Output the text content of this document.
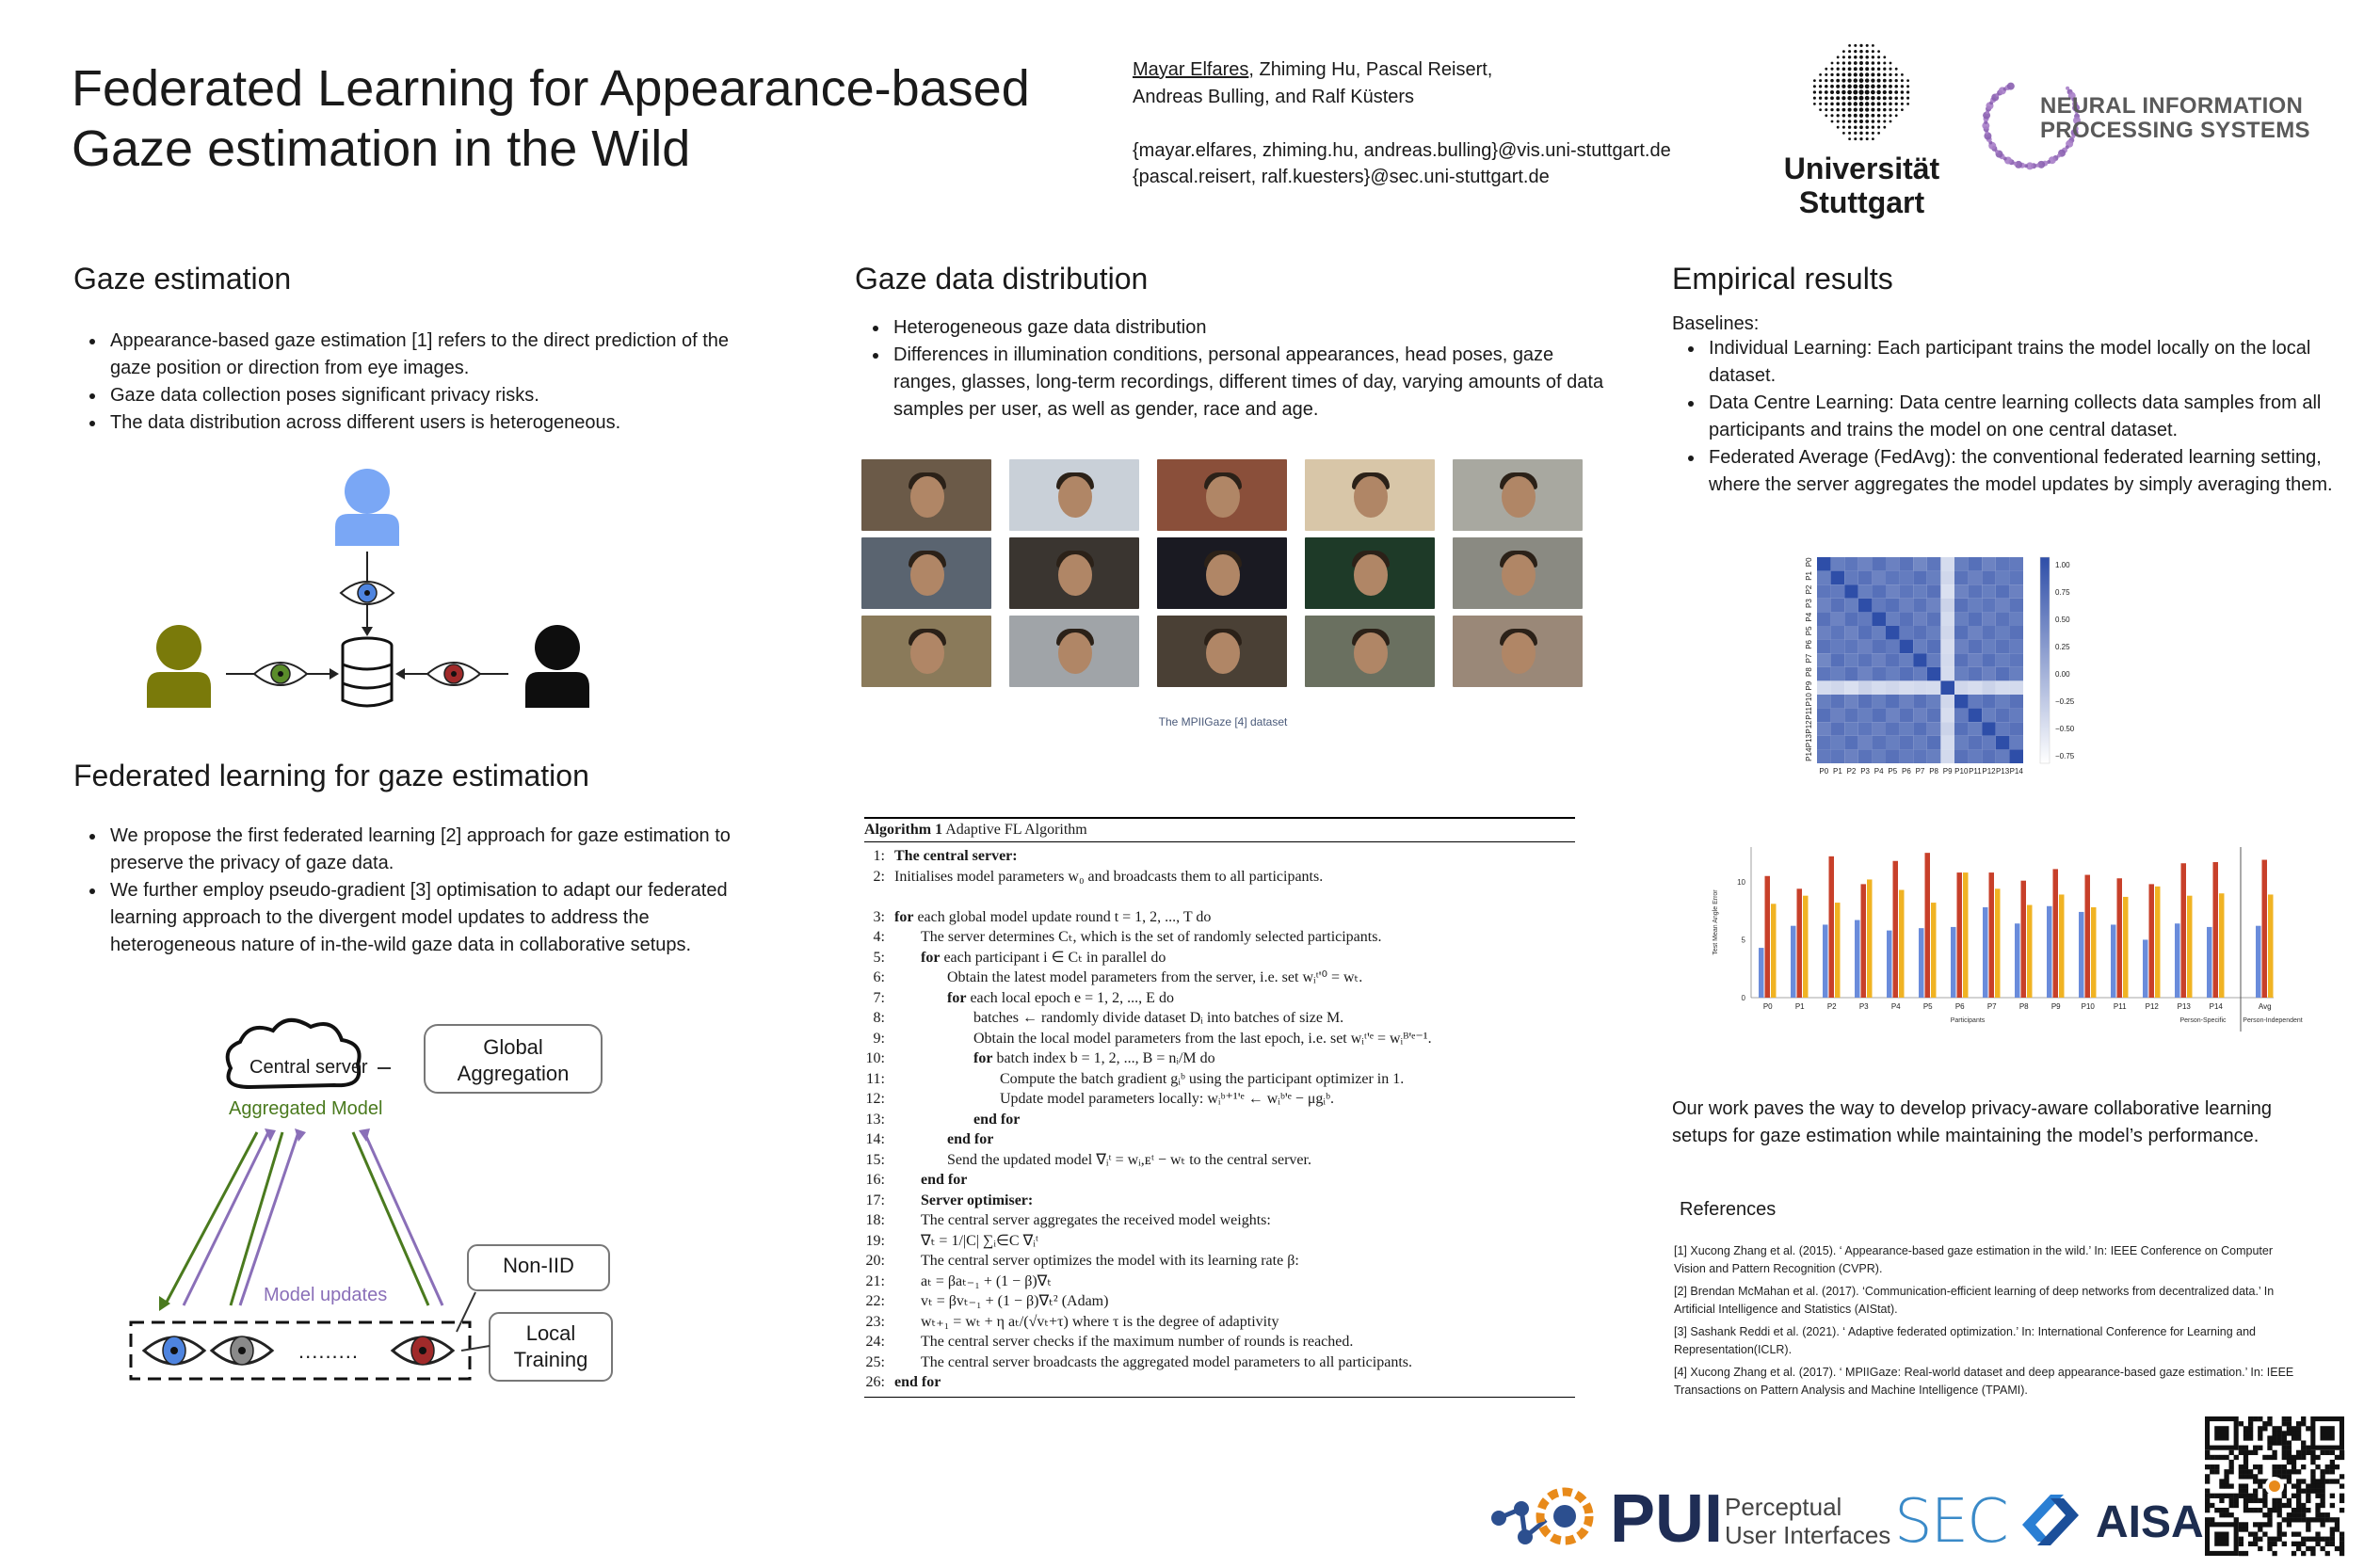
Federated Learning for Appearance-based
Gaze estimation in the Wild
Mayar Elfares, Zhiming Hu, Pascal Reisert,
Andreas Bulling, and Ralf Küsters
{mayar.elfares, zhiming.hu, andreas.bulling}@vis.uni-stuttgart.de
{pascal.reisert, ralf.kuesters}@sec.uni-stuttgart.de	Universität
Stuttgart
NEURAL INFORMATION
PROCESSING SYSTEMS
Gaze estimation
• Appearance-based gaze estimation [1] refers to the direct prediction of the gaze position or direction from eye images.
• Gaze data collection poses significant privacy risks.
• The data distribution across different users is heterogeneous.
Federated learning for gaze estimation
• We propose the first federated learning [2] approach for gaze estimation to preserve the privacy of gaze data.
• We further employ pseudo-gradient [3] optimisation to adapt our federated learning approach to the divergent model updates to address the heterogeneous nature of in-the-wild gaze data in collaborative setups.
Central server
Global
Aggregation
Aggregated Model
Model updates
Non-IID
Local
Training
.........
Gaze data distribution
• Heterogeneous gaze data distribution
• Differences in illumination conditions, personal appearances, head poses, gaze ranges, glasses, long-term recordings, different times of day, varying amounts of data samples per user, as well as gender, race and age.
The MPIIGaze [4] dataset
Algorithm 1 Adaptive FL Algorithm
1: The central server:
2: Initialises model parameters w₀ and broadcasts them to all participants.
3: for each global model update round t = 1, 2, ..., T do
4:	The server determines Cₜ, which is the set of randomly selected participants.
5:	for each participant i ∈ Cₜ in parallel do
6:	Obtain the latest model parameters from the server, i.e. set wᵢᵗ'⁰ = wₜ.
7:	for each local epoch e = 1, 2, ..., E do
8:	batches ← randomly divide dataset Dᵢ into batches of size M.
9:	Obtain the local model parameters from the last epoch, i.e. set wᵢᵗ'ᵉ = wᵢᴮ'ᵉ⁻¹.
10:	for batch index b = 1, 2, ..., B = nᵢ/M do
11:	Compute the batch gradient gᵢᵇ using the participant optimizer in 1.
12:	Update model parameters locally: wᵢᵇ⁺¹'ᵉ ← wᵢᵇ'ᵉ − μgᵢᵇ.
13:	end for
14:	end for
15:	Send the updated model ∇ᵢᵗ = wᵢ,ᴇᵗ − wₜ to the central server.
16:	end for
17:	Server optimiser:
18:	The central server aggregates the received model weights:
19:	∇ₜ = 1/|C| ∑ᵢ∈C ∇ᵢᵗ
20:	The central server optimizes the model with its learning rate β:
21:	aₜ = βaₜ₋₁ + (1 − β)∇ₜ
22:	vₜ = βvₜ₋₁ + (1 − β)∇ₜ² (Adam)
23:	wₜ₊₁ = wₜ + η aₜ/(√vₜ+τ) where τ is the degree of adaptivity
24:	The central server checks if the maximum number of rounds is reached.
25:	The central server broadcasts the aggregated model parameters to all participants.
26: end for
Empirical results
Baselines:
• Individual Learning: Each participant trains the model locally on the local dataset.
• Data Centre Learning: Data centre learning collects data samples from all participants and trains the model on one central dataset.
• Federated Average (FedAvg): the conventional federated learning setting, where the server aggregates the model updates by simply averaging them.
P0
P0
P1
P1
P2
P2
P3
P3
P4
P4
P5
P5
P6
P6
P7
P7
P8
P8
P9
P9
P10
P10
P11
P11
P12
P12
P13
P13
P14
P14
1.00
0.75
0.50
0.25
0.00
−0.25
−0.50
−0.75
0
5
10
Test Mean Angle Error
P0	P1	P2	P3	P4	P5	P6	P7	P8	P9	P10	P11	P12 P13 P14	Avg
Participants	Person-Specific	Person-Independent
Our work paves the way to develop privacy-aware collaborative learning setups for gaze estimation while maintaining the model’s performance.
References
[1] Xucong Zhang et al. (2015). ‘ Appearance-based gaze estimation in the wild.’ In: IEEE Conference on Computer Vision and Pattern Recognition (CVPR).
[2] Brendan McMahan et al. (2017). ‘Communication-efficient learning of deep networks from decentralized data.’ In Artificial Intelligence and Statistics (AIStat).
[3] Sashank Reddi et al. (2021). ‘ Adaptive federated optimization.’ In: International Conference for Learning and Representation(ICLR).
[4] Xucong Zhang et al. (2017). ‘ MPIIGaze: Real-world dataset and deep appearance-based gaze estimation.’ In: IEEE Transactions on Pattern Analysis and Machine Intelligence (TPAMI).
PUI Perceptual
User Interfaces SEC AISA
